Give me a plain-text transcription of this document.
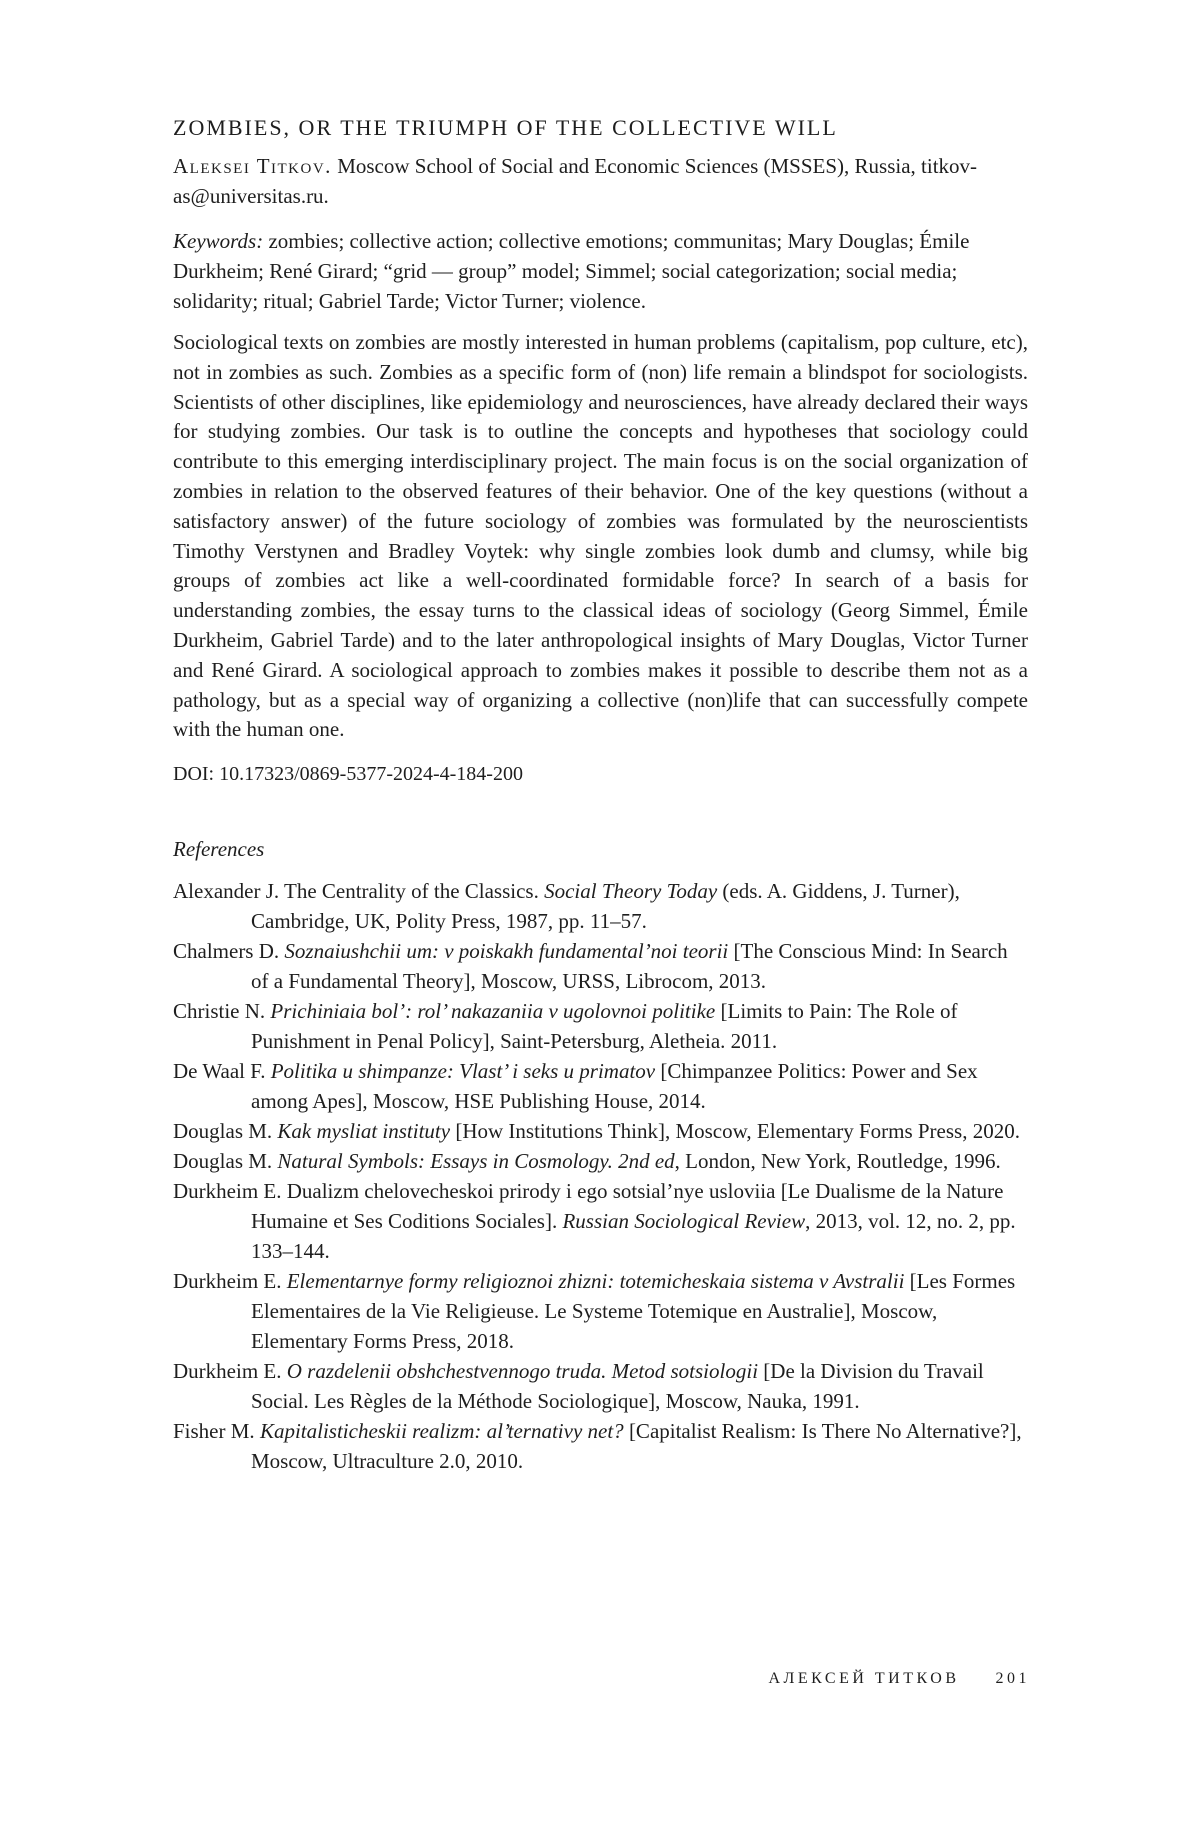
ZOMBIES, OR THE TRIUMPH OF THE COLLECTIVE WILL

Aleksei Titkov. Moscow School of Social and Economic Sciences (MSSES), Russia, titkov-as@universitas.ru.

Keywords: zombies; collective action; collective emotions; communitas; Mary Douglas; Émile Durkheim; René Girard; “grid — group” model; Simmel; social categorization; social media; solidarity; ritual; Gabriel Tarde; Victor Turner; violence.

Sociological texts on zombies are mostly interested in human problems (capitalism, pop culture, etc), not in zombies as such. Zombies as a specific form of (non) life remain a blindspot for sociologists. Scientists of other disciplines, like epidemiology and neurosciences, have already declared their ways for studying zombies. Our task is to outline the concepts and hypotheses that sociology could contribute to this emerging interdisciplinary project. The main focus is on the social organization of zombies in relation to the observed features of their behavior. One of the key questions (without a satisfactory answer) of the future sociology of zombies was formulated by the neuroscientists Timothy Verstynen and Bradley Voytek: why single zombies look dumb and clumsy, while big groups of zombies act like a well-coordinated formidable force? In search of a basis for understanding zombies, the essay turns to the classical ideas of sociology (Georg Simmel, Émile Durkheim, Gabriel Tarde) and to the later anthropological insights of Mary Douglas, Victor Turner and René Girard. A sociological approach to zombies makes it possible to describe them not as a pathology, but as a special way of organizing a collective (non)life that can successfully compete with the human one.

DOI: 10.17323/0869-5377-2024-4-184-200

References

Alexander J. The Centrality of the Classics. Social Theory Today (eds. A. Giddens, J. Turner), Cambridge, UK, Polity Press, 1987, pp. 11–57.
Chalmers D. Soznaiushchii um: v poiskakh fundamental’noi teorii [The Conscious Mind: In Search of a Fundamental Theory], Moscow, URSS, Librocom, 2013.
Christie N. Prichiniaia bol’: rol’ nakazaniia v ugolovnoi politike [Limits to Pain: The Role of Punishment in Penal Policy], Saint-Petersburg, Aletheia. 2011.
De Waal F. Politika u shimpanze: Vlast’ i seks u primatov [Chimpanzee Politics: Power and Sex among Apes], Moscow, HSE Publishing House, 2014.
Douglas M. Kak mysliat instituty [How Institutions Think], Moscow, Elementary Forms Press, 2020.
Douglas M. Natural Symbols: Essays in Cosmology. 2nd ed, London, New York, Routledge, 1996.
Durkheim E. Dualizm chelovecheskoi prirody i ego sotsial’nye usloviia [Le Dualisme de la Nature Humaine et Ses Coditions Sociales]. Russian Sociological Review, 2013, vol. 12, no. 2, pp. 133–144.
Durkheim E. Elementarnye formy religioznoi zhizni: totemicheskaia sistema v Avstralii [Les Formes Elementaires de la Vie Religieuse. Le Systeme Totemique en Australie], Moscow, Elementary Forms Press, 2018.
Durkheim E. O razdelenii obshchestvennogo truda. Metod sotsiologii [De la Division du Travail Social. Les Règles de la Méthode Sociologique], Moscow, Nauka, 1991.
Fisher M. Kapitalisticheskii realizm: al’ternativy net? [Capitalist Realism: Is There No Alternative?], Moscow, Ultraculture 2.0, 2010.
АЛЕКСЕЙ ТИТКОВ 201
